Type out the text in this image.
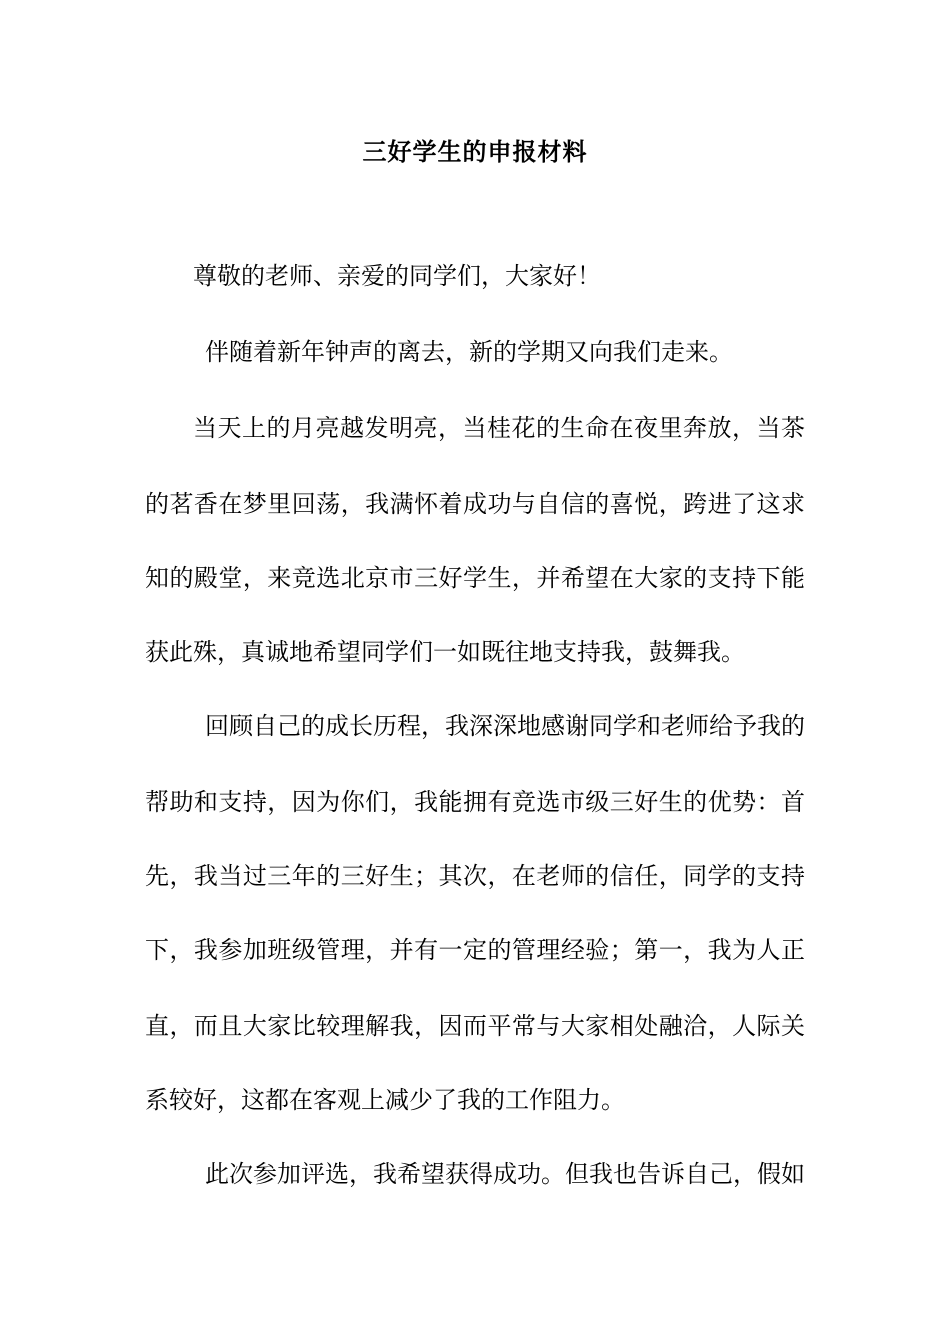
三好学生的申报材料

尊敬的老师、亲爱的同学们，大家好！

伴随着新年钟声的离去，新的学期又向我们走来。

当天上的月亮越发明亮，当桂花的生命在夜里奔放，当茶

的茗香在梦里回荡，我满怀着成功与自信的喜悦，跨进了这求

知的殿堂，来竞选北京市三好学生，并希望在大家的支持下能

获此殊，真诚地希望同学们一如既往地支持我，鼓舞我。

回顾自己的成长历程，我深深地感谢同学和老师给予我的

帮助和支持，因为你们，我能拥有竞选市级三好生的优势：首

先，我当过三年的三好生；其次，在老师的信任，同学的支持

下，我参加班级管理，并有一定的管理经验；第一，我为人正

直，而且大家比较理解我，因而平常与大家相处融洽，人际关

系较好，这都在客观上减少了我的工作阻力。

此次参加评选，我希望获得成功。但我也告诉自己，假如
